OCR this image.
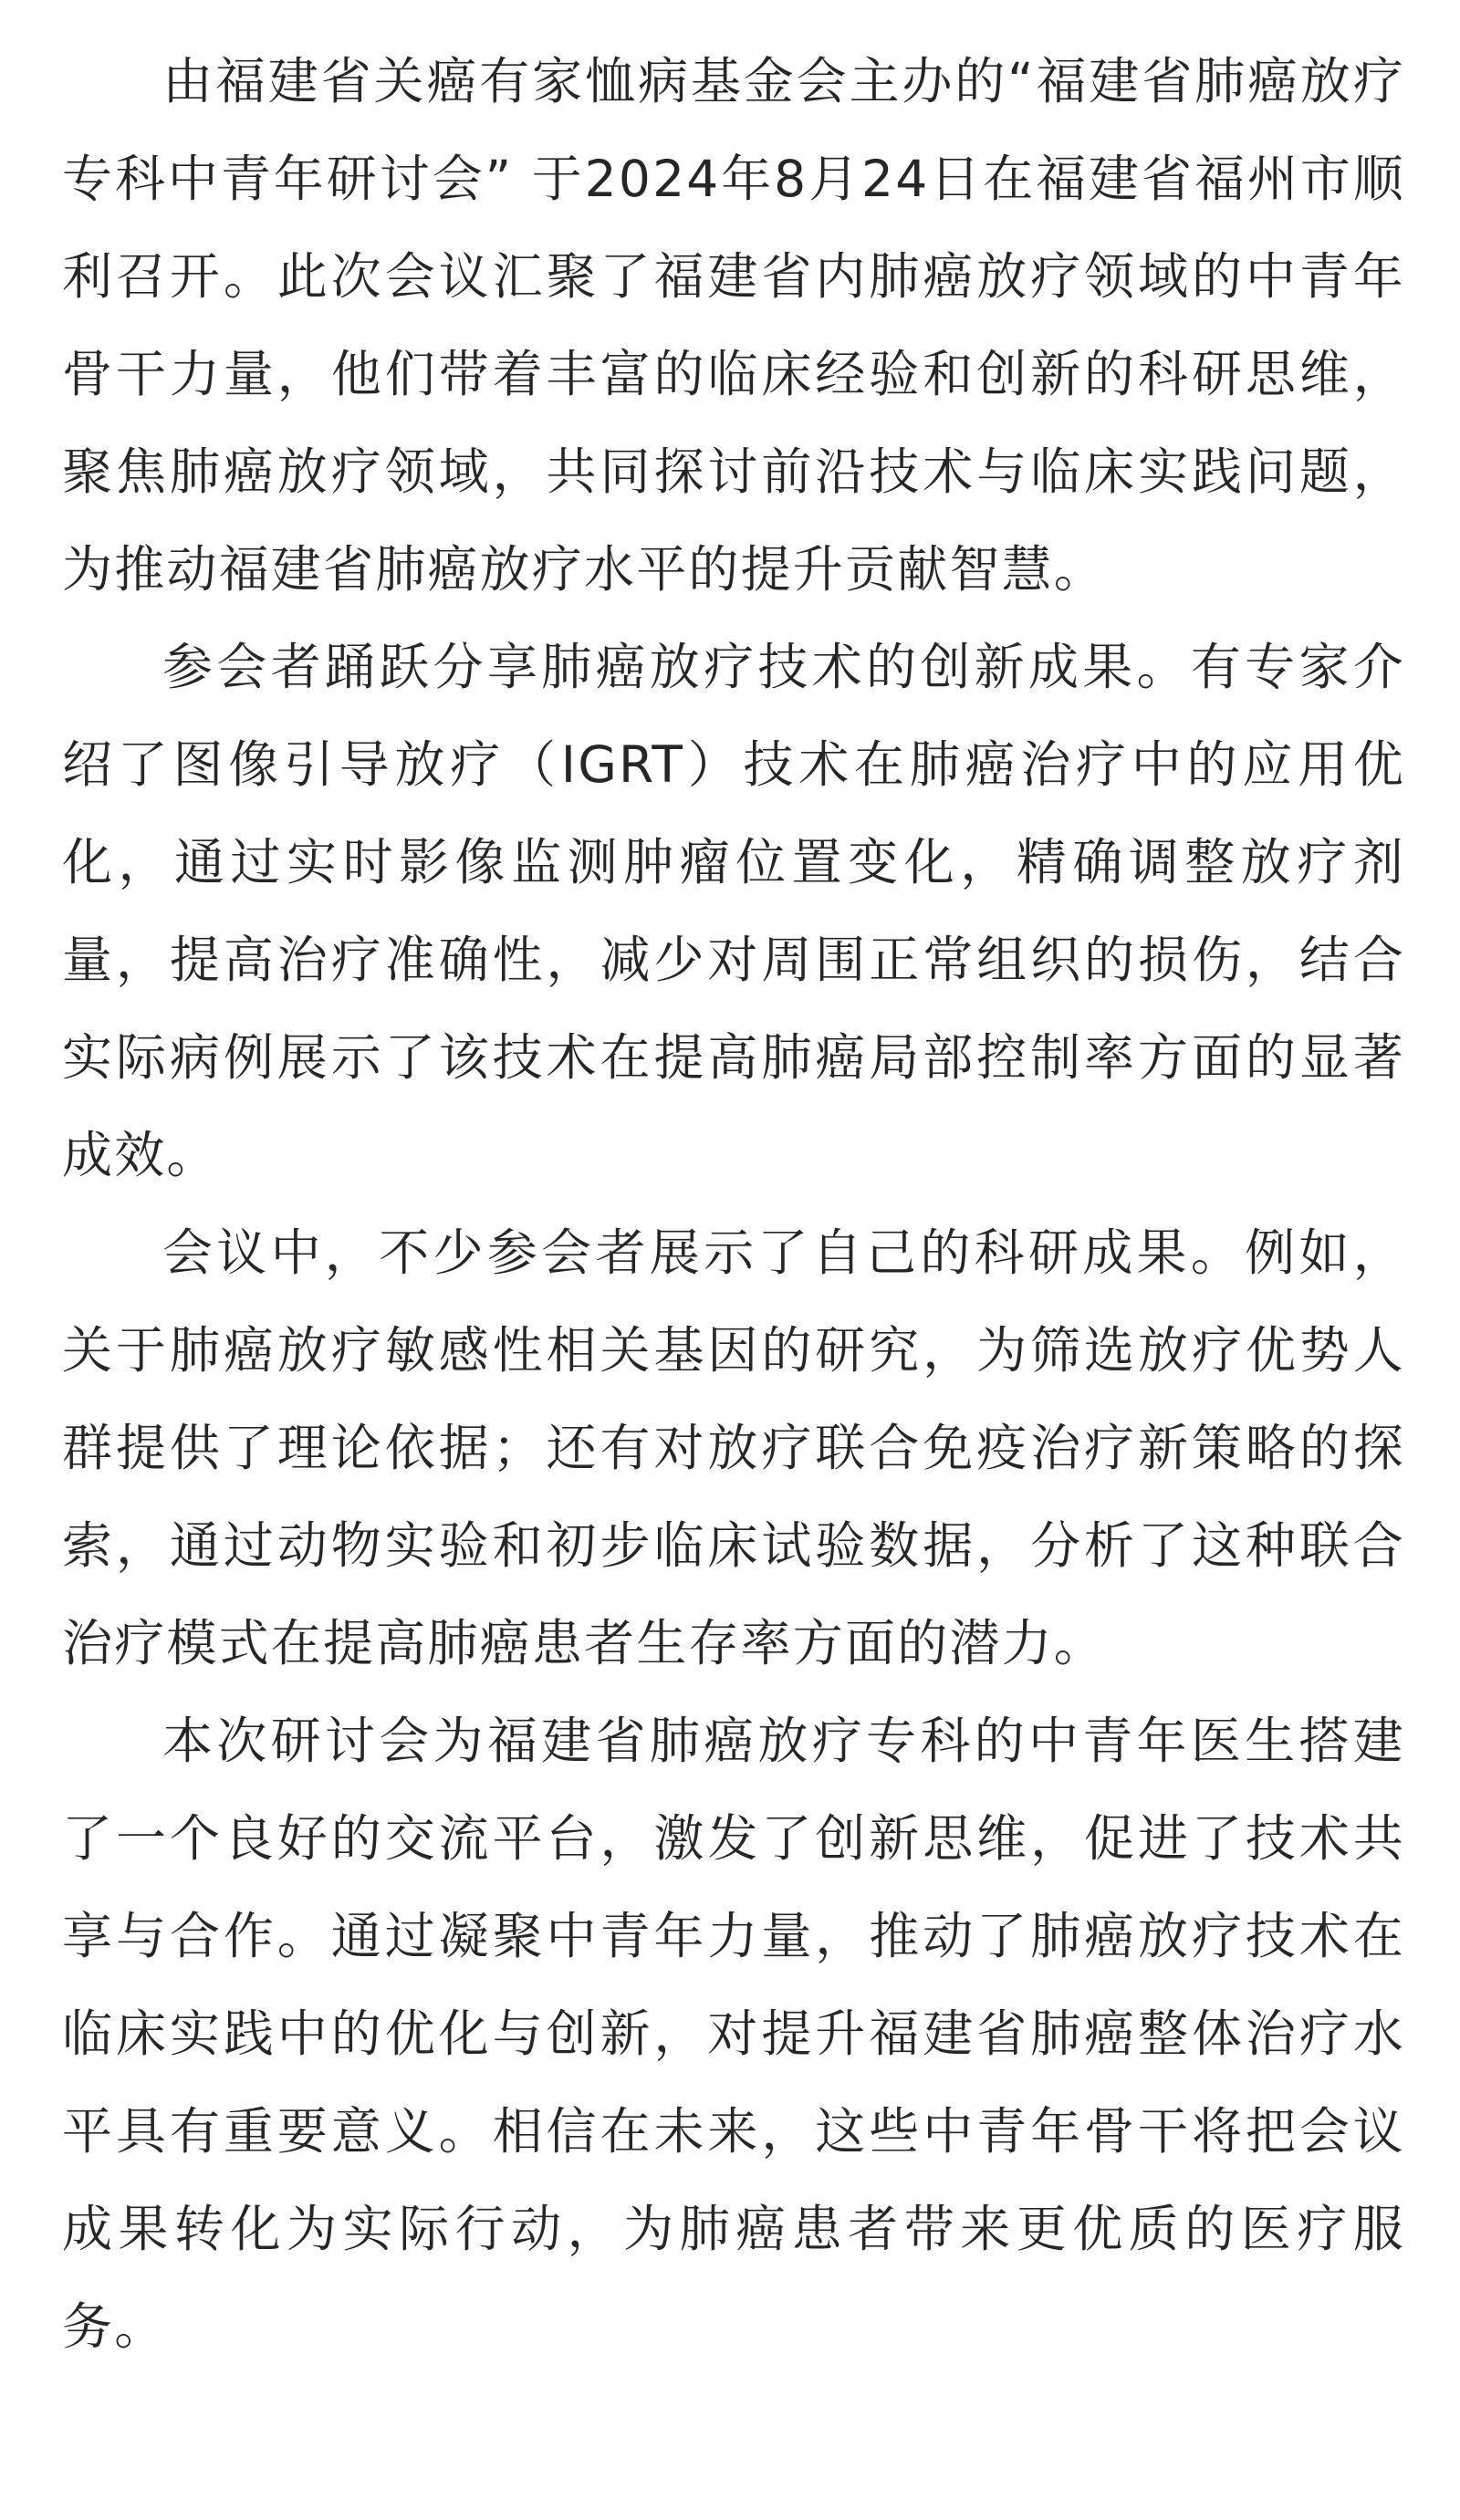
由福建省关癌有家恤病基金会主办的“福建省肺癌放疗专科中青年研讨会” 于2024年8月24日在福建省福州市顺利召开。此次会议汇聚了福建省内肺癌放疗领域的中青年骨干力量，他们带着丰富的临床经验和创新的科研思维，聚焦肺癌放疗领域，共同探讨前沿技术与临床实践问题，为推动福建省肺癌放疗水平的提升贡献智慧。

参会者踊跃分享肺癌放疗技术的创新成果。有专家介绍了图像引导放疗（IGRT）技术在肺癌治疗中的应用优化，通过实时影像监测肿瘤位置变化，精确调整放疗剂量，提高治疗准确性，减少对周围正常组织的损伤，结合实际病例展示了该技术在提高肺癌局部控制率方面的显著成效。

会议中，不少参会者展示了自己的科研成果。例如，关于肺癌放疗敏感性相关基因的研究，为筛选放疗优势人群提供了理论依据；还有对放疗联合免疫治疗新策略的探索，通过动物实验和初步临床试验数据，分析了这种联合治疗模式在提高肺癌患者生存率方面的潜力。

本次研讨会为福建省肺癌放疗专科的中青年医生搭建了一个良好的交流平台，激发了创新思维，促进了技术共享与合作。通过凝聚中青年力量，推动了肺癌放疗技术在临床实践中的优化与创新，对提升福建省肺癌整体治疗水平具有重要意义。相信在未来，这些中青年骨干将把会议成果转化为实际行动，为肺癌患者带来更优质的医疗服务。
